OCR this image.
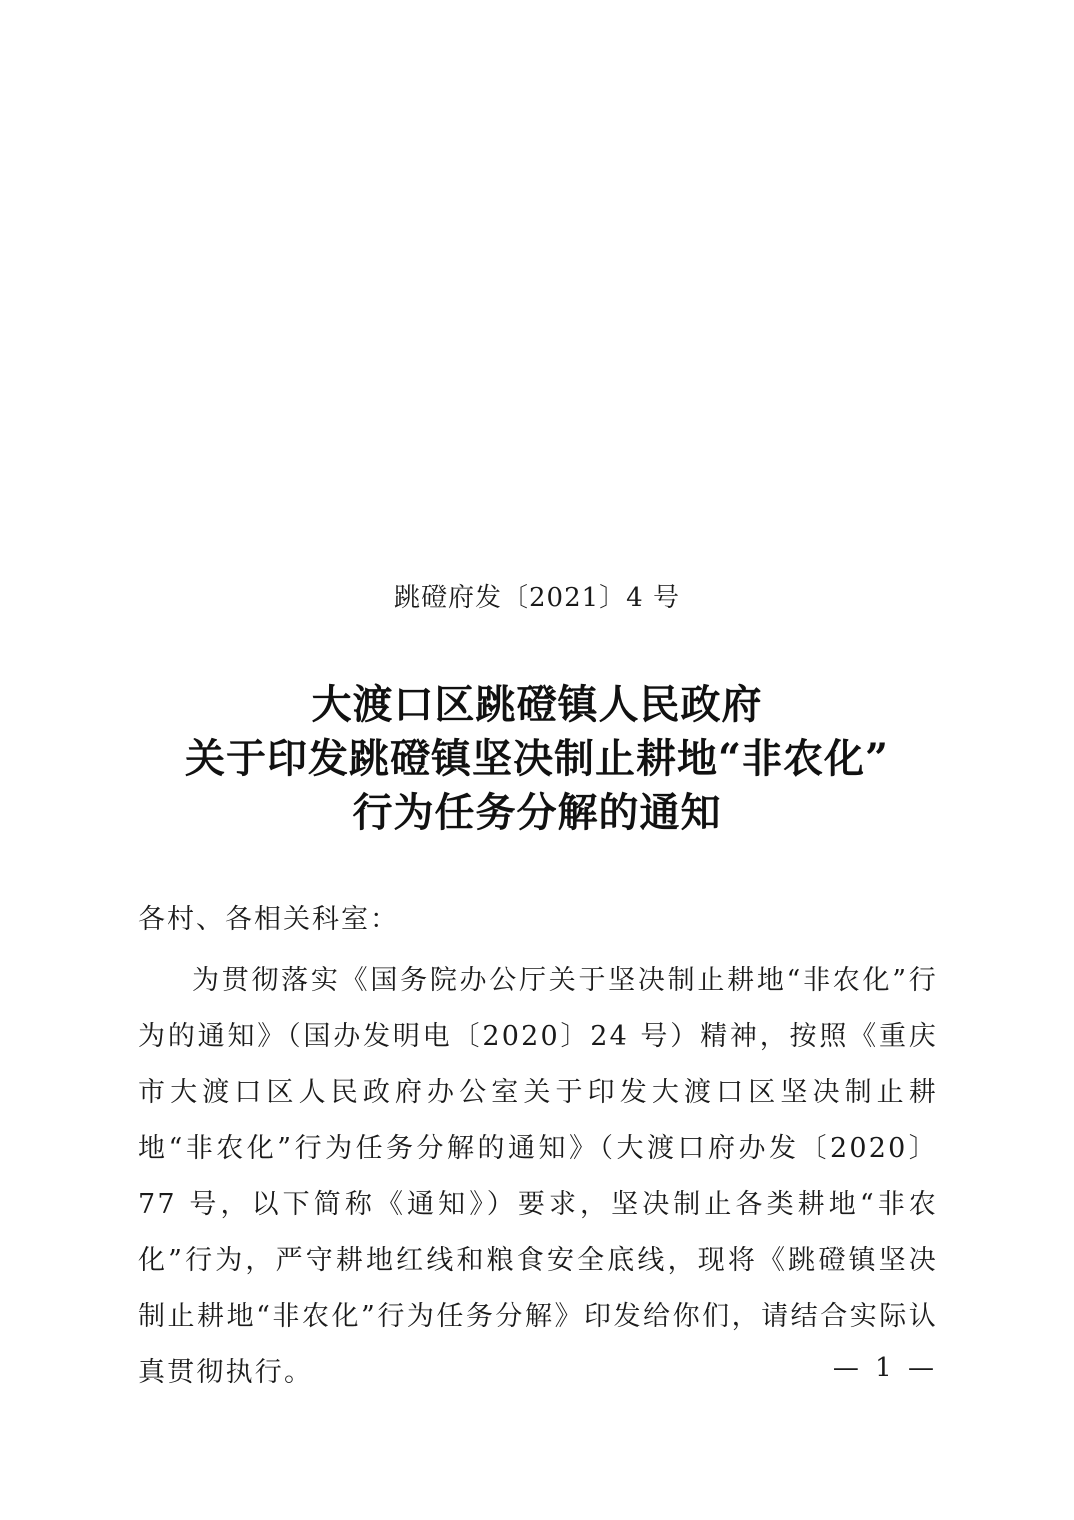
跳磴府发〔2021〕4 号
大渡口区跳磴镇人民政府
关于印发跳磴镇坚决制止耕地“非农化”
行为任务分解的通知
各村、各相关科室：

为贯彻落实《国务院办公厅关于坚决制止耕地“非农化”行为的通知》（国办发明电〔2020〕24 号）精神，按照《重庆市大渡口区人民政府办公室关于印发大渡口区坚决制止耕地“非农化”行为任务分解的通知》（大渡口府办发〔2020〕77 号，以下简称《通知》）要求，坚决制止各类耕地“非农化”行为，严守耕地红线和粮食安全底线，现将《跳磴镇坚决制止耕地“非农化”行为任务分解》印发给你们，请结合实际认真贯彻执行。	— 1 —
